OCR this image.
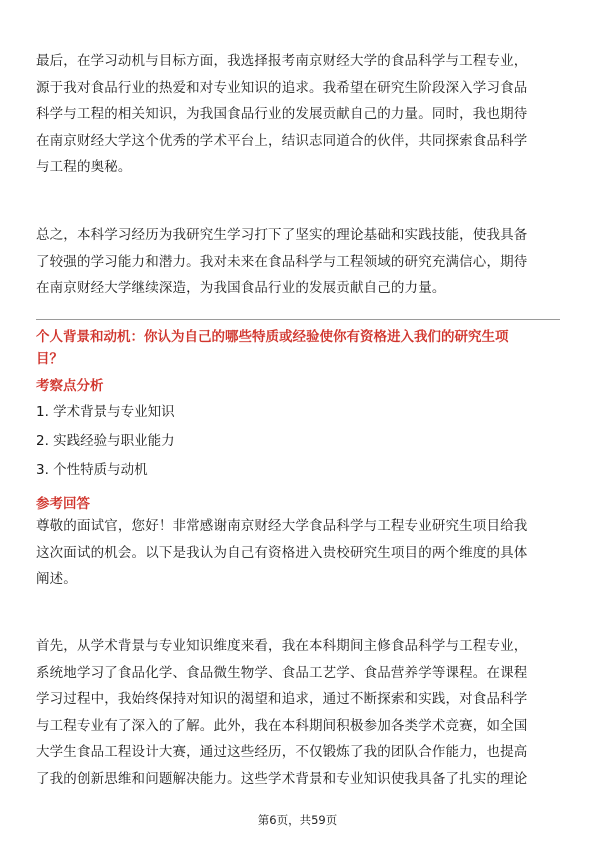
最后，在学习动机与目标方面，我选择报考南京财经大学的食品科学与工程专业，
源于我对食品行业的热爱和对专业知识的追求。我希望在研究生阶段深入学习食品
科学与工程的相关知识，为我国食品行业的发展贡献自己的力量。同时，我也期待
在南京财经大学这个优秀的学术平台上，结识志同道合的伙伴，共同探索食品科学
与工程的奥秘。
总之，本科学习经历为我研究生学习打下了坚实的理论基础和实践技能，使我具备
了较强的学习能力和潜力。我对未来在食品科学与工程领域的研究充满信心，期待
在南京财经大学继续深造，为我国食品行业的发展贡献自己的力量。
个人背景和动机：你认为自己的哪些特质或经验使你有资格进入我们的研究生项
目？
考察点分析
1. 学术背景与专业知识
2. 实践经验与职业能力
3. 个性特质与动机
参考回答
尊敬的面试官，您好！非常感谢南京财经大学食品科学与工程专业研究生项目给我
这次面试的机会。以下是我认为自己有资格进入贵校研究生项目的两个维度的具体
阐述。
首先，从学术背景与专业知识维度来看，我在本科期间主修食品科学与工程专业，
系统地学习了食品化学、食品微生物学、食品工艺学、食品营养学等课程。在课程
学习过程中，我始终保持对知识的渴望和追求，通过不断探索和实践，对食品科学
与工程专业有了深入的了解。此外，我在本科期间积极参加各类学术竞赛，如全国
大学生食品工程设计大赛，通过这些经历，不仅锻炼了我的团队合作能力，也提高
了我的创新思维和问题解决能力。这些学术背景和专业知识使我具备了扎实的理论
第6页，共59页
